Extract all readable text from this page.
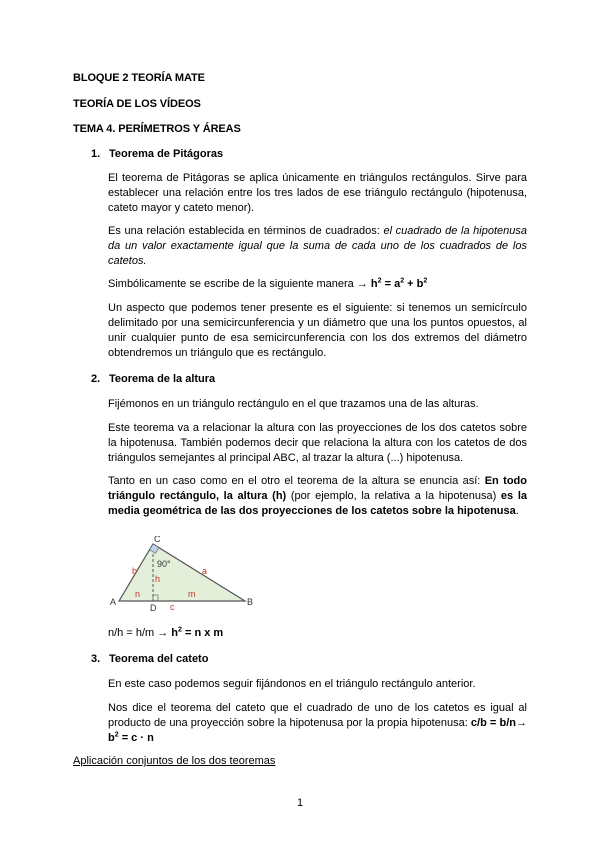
BLOQUE 2 TEORÍA MATE
TEORÍA DE LOS VÍDEOS
TEMA 4. PERÍMETROS Y ÁREAS
1. Teorema de Pitágoras
El teorema de Pitágoras se aplica únicamente en triángulos rectángulos. Sirve para establecer una relación entre los tres lados de ese triángulo rectángulo (hipotenusa, cateto mayor y cateto menor).
Es una relación establecida en términos de cuadrados: el cuadrado de la hipotenusa da un valor exactamente igual que la suma de cada uno de los cuadrados de los catetos.
Simbólicamente se escribe de la siguiente manera → $h^2 = a^2 + b^2$
Un aspecto que podemos tener presente es el siguiente: si tenemos un semicírculo delimitado por una semicircunferencia y un diámetro que una los puntos opuestos, al unir cualquier punto de esa semicircunferencia con los dos extremos del diámetro obtendremos un triángulo que es rectángulo.
2. Teorema de la altura
Fijémonos en un triángulo rectángulo en el que trazamos una de las alturas.
Este teorema va a relacionar la altura con las proyecciones de los dos catetos sobre la hipotenusa. También podemos decir que relaciona la altura con los catetos de dos triángulos semejantes al principal ABC, al trazar la altura (...) hipotenusa.
Tanto en un caso como en el otro el teorema de la altura se enuncia así: En todo triángulo rectángulo, la altura (h) (por ejemplo, la relativa a la hipotenusa) es la media geométrica de las dos proyecciones de los catetos sobre la hipotenusa.
C
A	B
D
90°
h
b	a
n	m
c
$n/h = h/m \to h^2 = n$ x m
3. Teorema del cateto
En este caso podemos seguir fijándonos en el triángulo rectángulo anterior.
Nos dice el teorema del cateto que el cuadrado de uno de los catetos es igual al producto de una proyección sobre la hipotenusa por la propia hipotenusa: $c/b = b/n\to b^2 = c \cdot n$
Aplicación conjuntos de los dos teoremas
1
